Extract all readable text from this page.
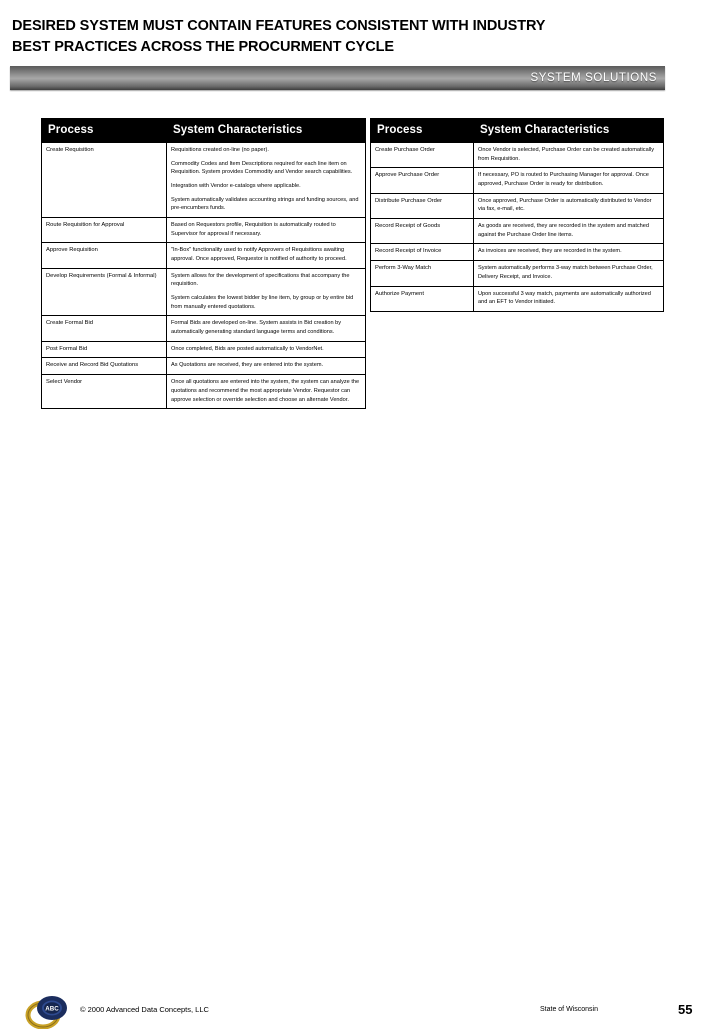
DESIRED SYSTEM MUST CONTAIN FEATURES CONSISTENT WITH INDUSTRY
BEST PRACTICES ACROSS THE PROCURMENT CYCLE
SYSTEM SOLUTIONS
Process	System Characteristics
Create Requisition	Requisitions created on-line (no paper).

Commodity Codes and Item Descriptions required for each line item on Requisition. System provides Commodity and Vendor search capabilities.

Integration with Vendor e-catalogs where applicable.

System automatically validates accounting strings and funding sources, and pre-encumbers funds.

Route Requisition for Approval	Based on Requestors profile, Requisition is automatically routed to Supervisor for approval if necessary.

Approve Requisition	"In-Box" functionality used to notify Approvers of Requisitions awaiting approval. Once approved, Requestor is notified of authority to proceed.

Develop Requirements (Formal & Informal)	System allows for the development of specifications that accompany the requisition.

System calculates the lowest bidder by line item, by group or by entire bid from manually entered quotations.

Create Formal Bid	Formal Bids are developed on-line. System assists in Bid creation by automatically generating standard language terms and conditions.

Post Formal Bid	Once completed, Bids are posted automatically to VendorNet.

Receive and Record Bid Quotations	As Quotations are received, they are entered into the system.

Select Vendor	Once all quotations are entered into the system, the system can analyze the quotations and recommend the most appropriate Vendor. Requestor can approve selection or override selection and choose an alternate Vendor.

Process	System Characteristics
Create Purchase Order	Once Vendor is selected, Purchase Order can be created automatically from Requisition.

Approve Purchase Order	If necessary, PO is routed to Purchasing Manager for approval. Once approved, Purchase Order is ready for distribution.

Distribute Purchase Order	Once approved, Purchase Order is automatically distributed to Vendor via fax, e-mail, etc.

Record Receipt of Goods	As goods are received, they are recorded in the system and matched against the Purchase Order line items.

Record Receipt of Invoice	As invoices are received, they are recorded in the system.

Perform 3-Way Match	System automatically performs 3-way match between Purchase Order, Delivery Receipt, and Invoice.

Authorize Payment	Upon successful 3 way match, payments are automatically authorized and an EFT to Vendor initiated.

ABC	© 2000 Advanced Data Concepts, LLC	State of Wisconsin	55
